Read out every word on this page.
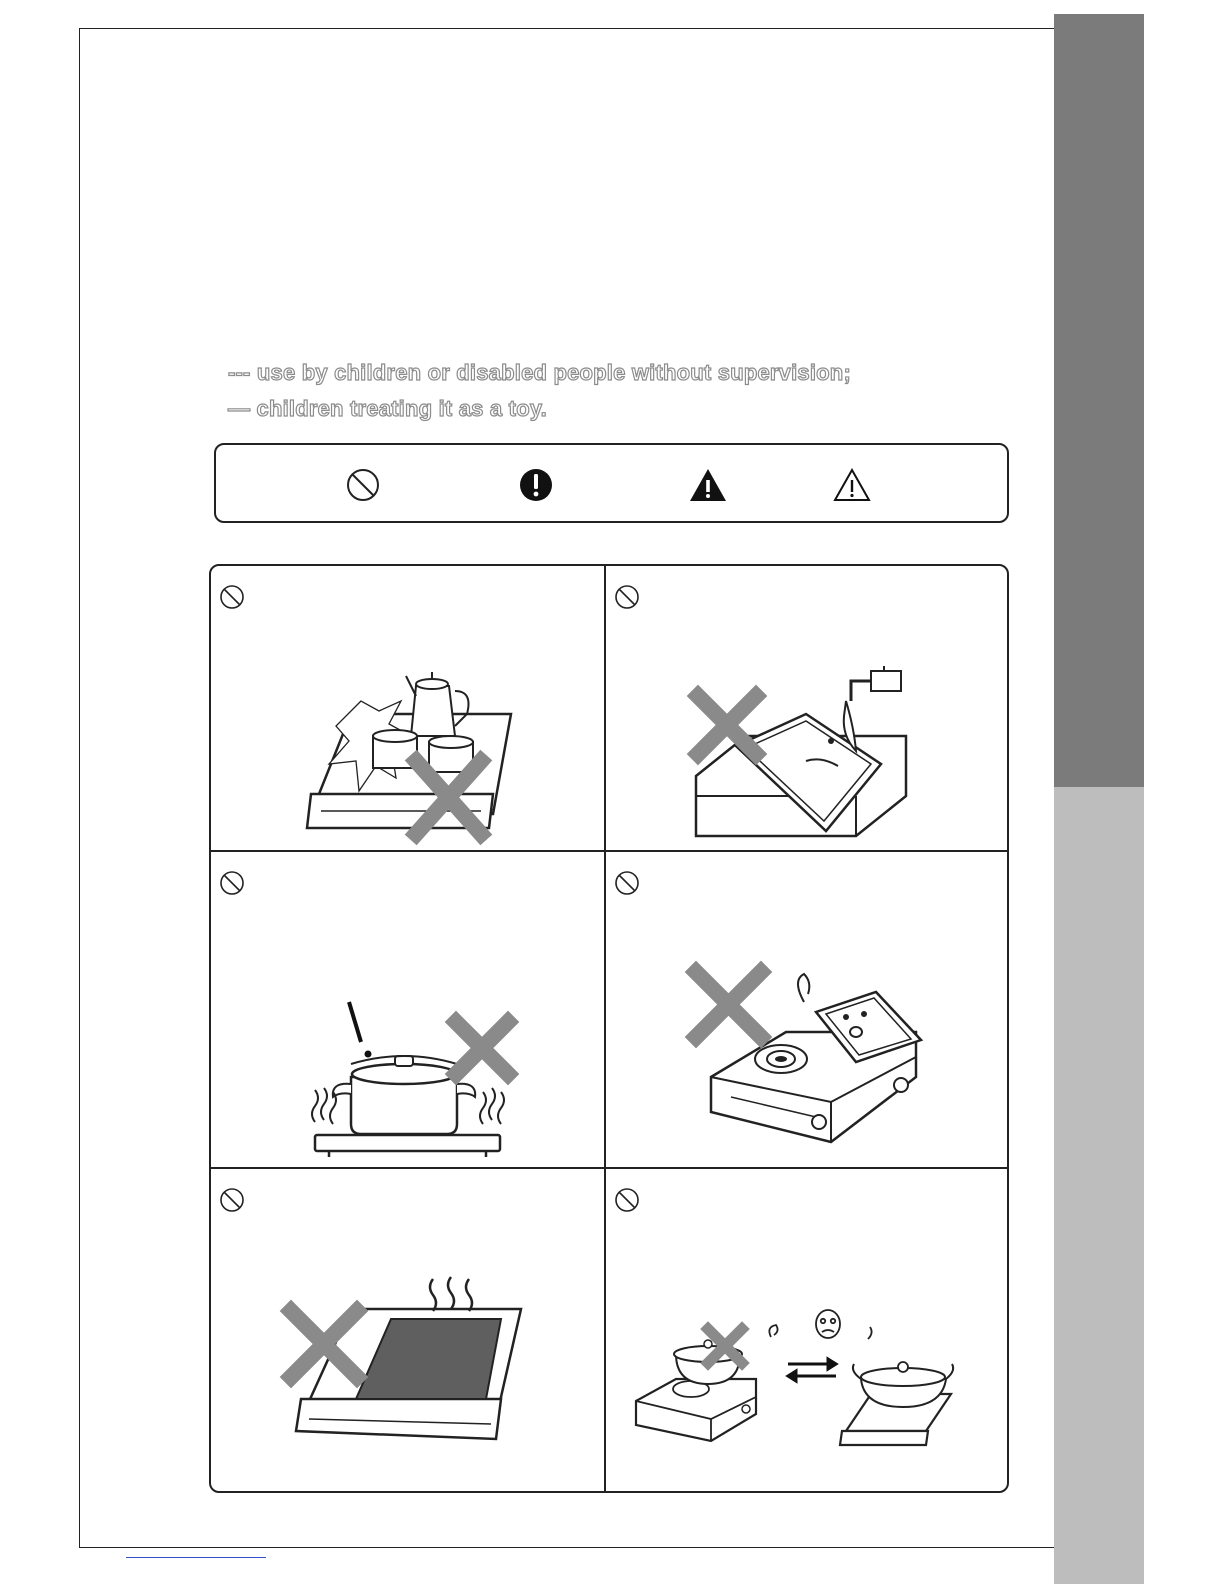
--- use by children or disabled people without supervision;
— children treating it as a toy.
